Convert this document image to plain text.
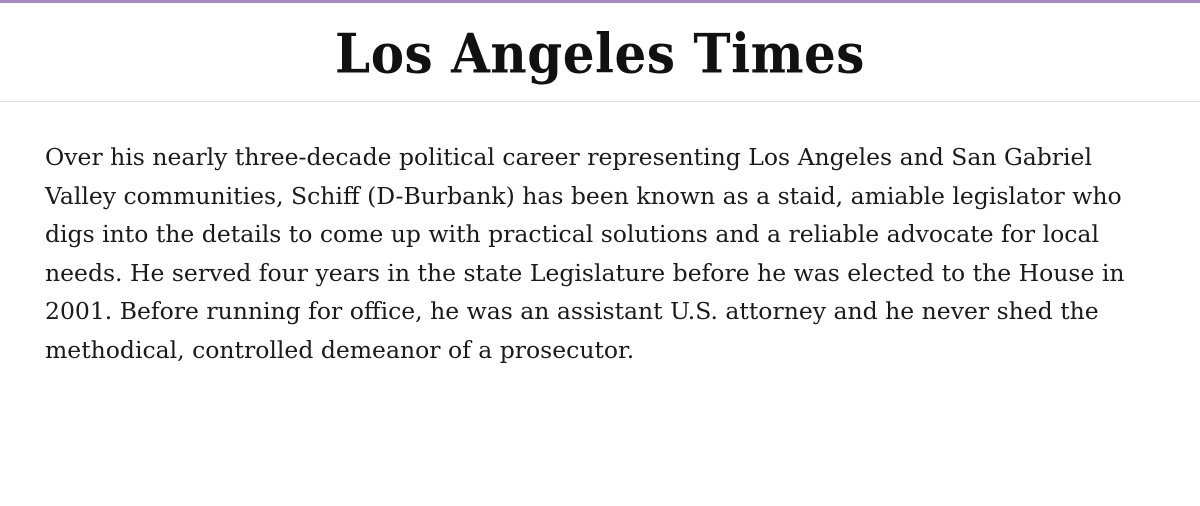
Los Angeles Times

Over his nearly three-decade political career representing Los Angeles and San Gabriel Valley communities, Schiff (D-Burbank) has been known as a staid, amiable legislator who digs into the details to come up with practical solutions and a reliable advocate for local needs. He served four years in the state Legislature before he was elected to the House in 2001. Before running for office, he was an assistant U.S. attorney and he never shed the methodical, controlled demeanor of a prosecutor.
